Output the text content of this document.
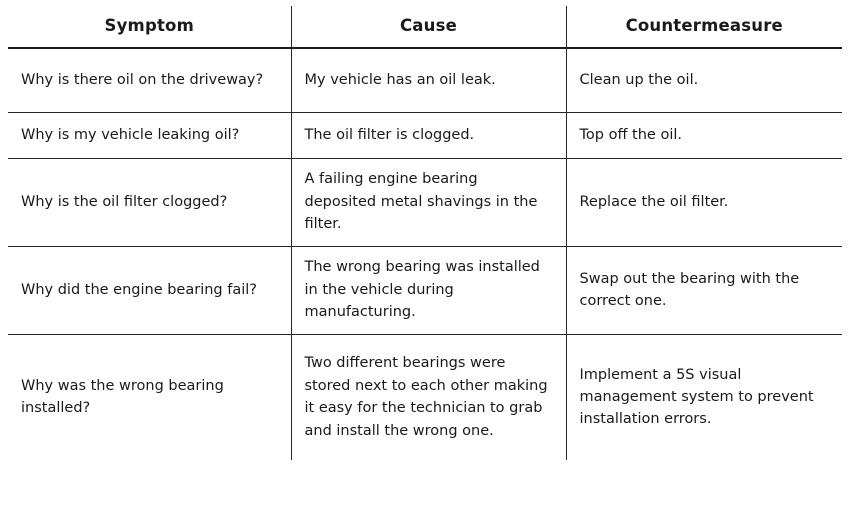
Symptom	Cause	Countermeasure
Why is there oil on the driveway?	My vehicle has an oil leak.	Clean up the oil.
Why is my vehicle leaking oil?	The oil filter is clogged.	Top off the oil.
Why is the oil filter clogged?	A failing engine bearing deposited metal shavings in the filter.	Replace the oil filter.
Why did the engine bearing fail?	The wrong bearing was installed in the vehicle during manufacturing.	Swap out the bearing with the correct one.
Why was the wrong bearing installed?	Two different bearings were stored next to each other making it easy for the technician to grab and install the wrong one.	Implement a 5S visual management system to prevent installation errors.
